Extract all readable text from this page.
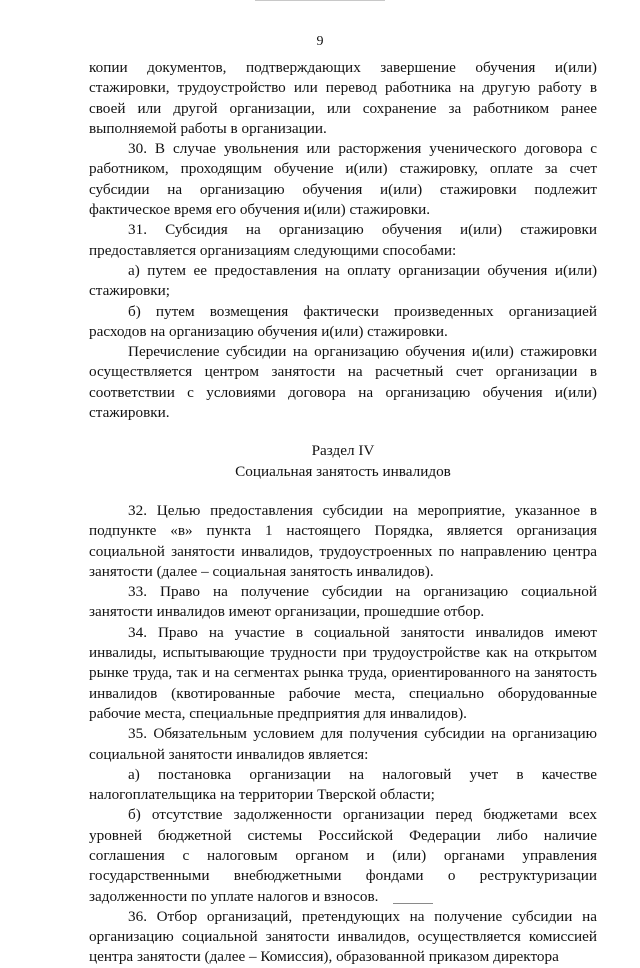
9

копии документов, подтверждающих завершение обучения и(или) стажировки, трудоустройство или перевод работника на другую работу в своей или другой организации, или сохранение за работником ранее выполняемой работы в организации.

30. В случае увольнения или расторжения ученического договора с работником, проходящим обучение и(или) стажировку, оплате за счет субсидии на организацию обучения и(или) стажировки подлежит фактическое время его обучения и(или) стажировки.

31. Субсидия на организацию обучения и(или) стажировки предоставляется организациям следующими способами:

а) путем ее предоставления на оплату организации обучения и(или) стажировки;

б) путем возмещения фактически произведенных организацией расходов на организацию обучения и(или) стажировки.

Перечисление субсидии на организацию обучения и(или) стажировки осуществляется центром занятости на расчетный счет организации в соответствии с условиями договора на организацию обучения и(или) стажировки.

Раздел IV

Социальная занятость инвалидов

32. Целью предоставления субсидии на мероприятие, указанное в подпункте «в» пункта 1 настоящего Порядка, является организация социальной занятости инвалидов, трудоустроенных по направлению центра занятости (далее – социальная занятость инвалидов).

33. Право на получение субсидии на организацию социальной занятости инвалидов имеют организации, прошедшие отбор.

34. Право на участие в социальной занятости инвалидов имеют инвалиды, испытывающие трудности при трудоустройстве как на открытом рынке труда, так и на сегментах рынка труда, ориентированного на занятость инвалидов (квотированные рабочие места, специально оборудованные рабочие места, специальные предприятия для инвалидов).

35. Обязательным условием для получения субсидии на организацию социальной занятости инвалидов является:

а) постановка организации на налоговый учет в качестве налогоплательщика на территории Тверской области;

б) отсутствие задолженности организации перед бюджетами всех уровней бюджетной системы Российской Федерации либо наличие соглашения с налоговым органом и (или) органами управления государственными внебюджетными фондами о реструктуризации задолженности по уплате налогов и взносов.

36. Отбор организаций, претендующих на получение субсидии на организацию социальной занятости инвалидов, осуществляется комиссией центра занятости (далее – Комиссия), образованной приказом директора
